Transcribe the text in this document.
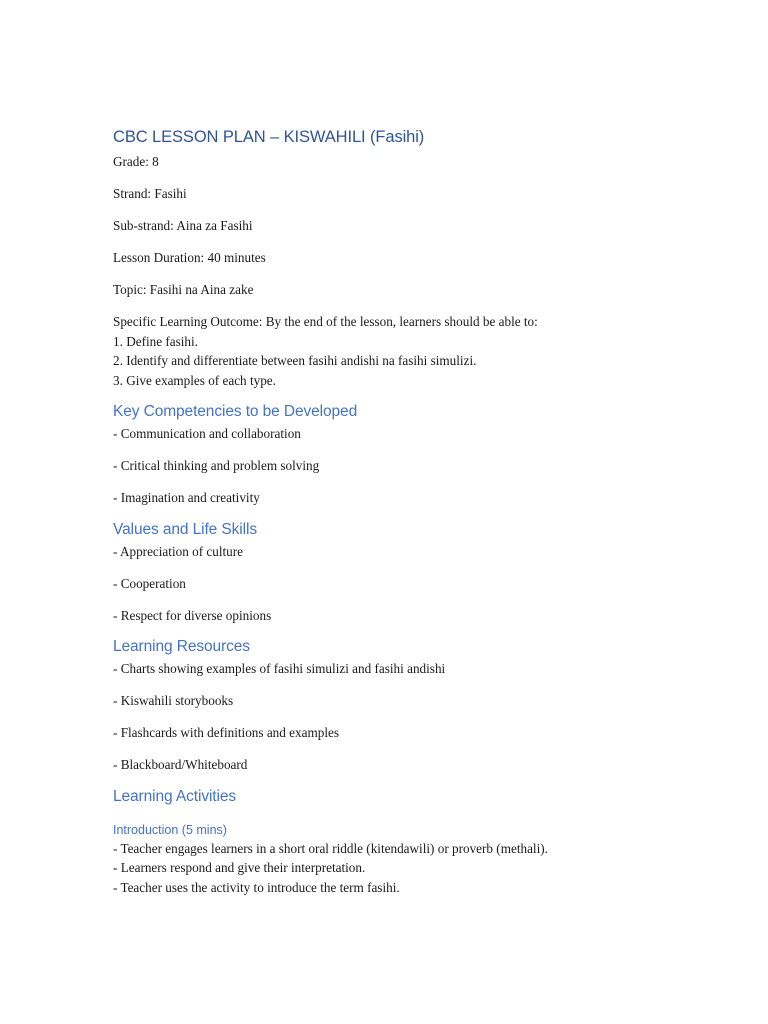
CBC LESSON PLAN – KISWAHILI (Fasihi)
Grade: 8
Strand: Fasihi
Sub-strand: Aina za Fasihi
Lesson Duration: 40 minutes
Topic: Fasihi na Aina zake
Specific Learning Outcome: By the end of the lesson, learners should be able to:
1. Define fasihi.
2. Identify and differentiate between fasihi andishi na fasihi simulizi.
3. Give examples of each type.
Key Competencies to be Developed
- Communication and collaboration
- Critical thinking and problem solving
- Imagination and creativity
Values and Life Skills
- Appreciation of culture
- Cooperation
- Respect for diverse opinions
Learning Resources
- Charts showing examples of fasihi simulizi and fasihi andishi
- Kiswahili storybooks
- Flashcards with definitions and examples
- Blackboard/Whiteboard
Learning Activities
Introduction (5 mins)
- Teacher engages learners in a short oral riddle (kitendawili) or proverb (methali).
- Learners respond and give their interpretation.
- Teacher uses the activity to introduce the term fasihi.
